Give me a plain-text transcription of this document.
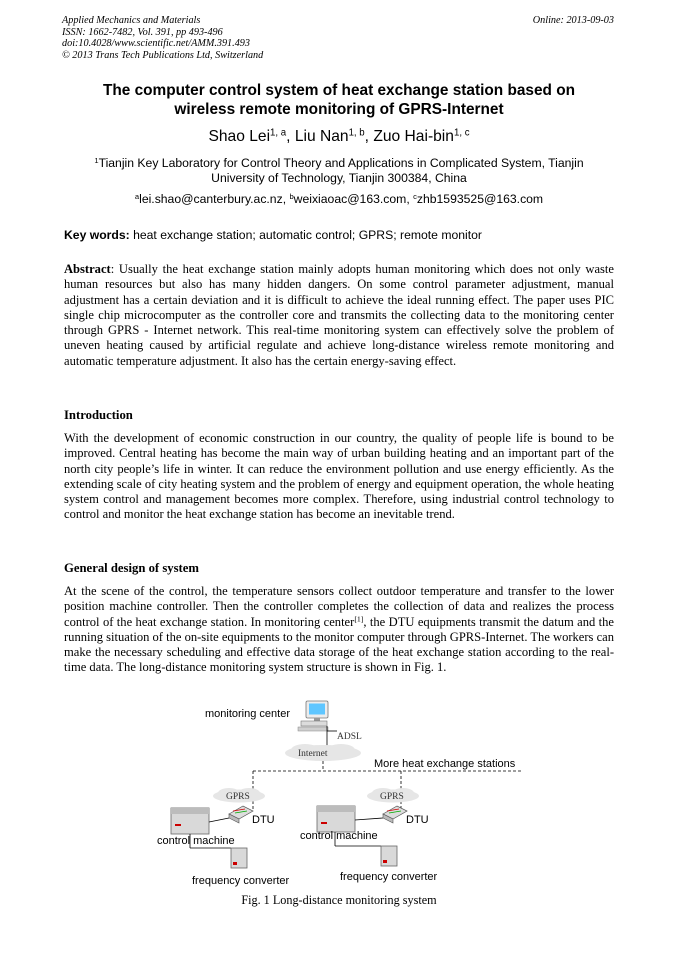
Applied Mechanics and Materials
ISSN: 1662-7482, Vol. 391, pp 493-496
doi:10.4028/www.scientific.net/AMM.391.493
© 2013 Trans Tech Publications Ltd, Switzerland
Online: 2013-09-03
The computer control system of heat exchange station based on
wireless remote monitoring of GPRS-Internet
Shao Lei$^{1, a}$, Liu Nan$^{1, b}$, Zuo Hai-bin$^{1, c}$
$^1$Tianjin Key Laboratory for Control Theory and Applications in Complicated System, Tianjin
University of Technology, Tianjin 300384, China
$^a$lei.shao@canterbury.ac.nz, $^b$weixiaoac@163.com, $^c$zhb1593525@163.com
Key words: heat exchange station; automatic control; GPRS; remote monitor
Abstract: Usually the heat exchange station mainly adopts human monitoring which does not only waste human resources but also has many hidden dangers. On some control parameter adjustment, manual adjustment has a certain deviation and it is difficult to achieve the ideal running effect. The paper uses PIC single chip microcomputer as the controller core and transmits the collecting data to the monitoring center through GPRS - Internet network. This real-time monitoring system can effectively solve the problem of uneven heating caused by artificial regulate and achieve long-distance wireless remote monitoring and automatic temperature adjustment. It also has the certain energy-saving effect.
Introduction
With the development of economic construction in our country, the quality of people life is bound to be improved. Central heating has become the main way of urban building heating and an important part of the north city people’s life in winter. It can reduce the environment pollution and use energy efficiently. As the extending scale of city heating system and the problem of energy and equipment operation, the whole heating system control and management becomes more complex. Therefore, using industrial control technology to control and monitor the heat exchange station has become an inevitable trend.
General design of system
At the scene of the control, the temperature sensors collect outdoor temperature and transfer to the lower position machine controller. Then the controller completes the collection of data and realizes the process control of the heat exchange station. In monitoring center[1], the DTU equipments transmit the datum and the running situation of the on-site equipments to the monitor computer through GPRS-Internet. The workers can make the necessary scheduling and effective data storage of the heat exchange station according to the real-time data. The long-distance monitoring system structure is shown in Fig. 1.
monitoring center
ADSL
Internet
More heat exchange stations
GPRS
DTU
control machine
frequency converter
GPRS
DTU
control machine
frequency converter
Fig. 1 Long-distance monitoring system
